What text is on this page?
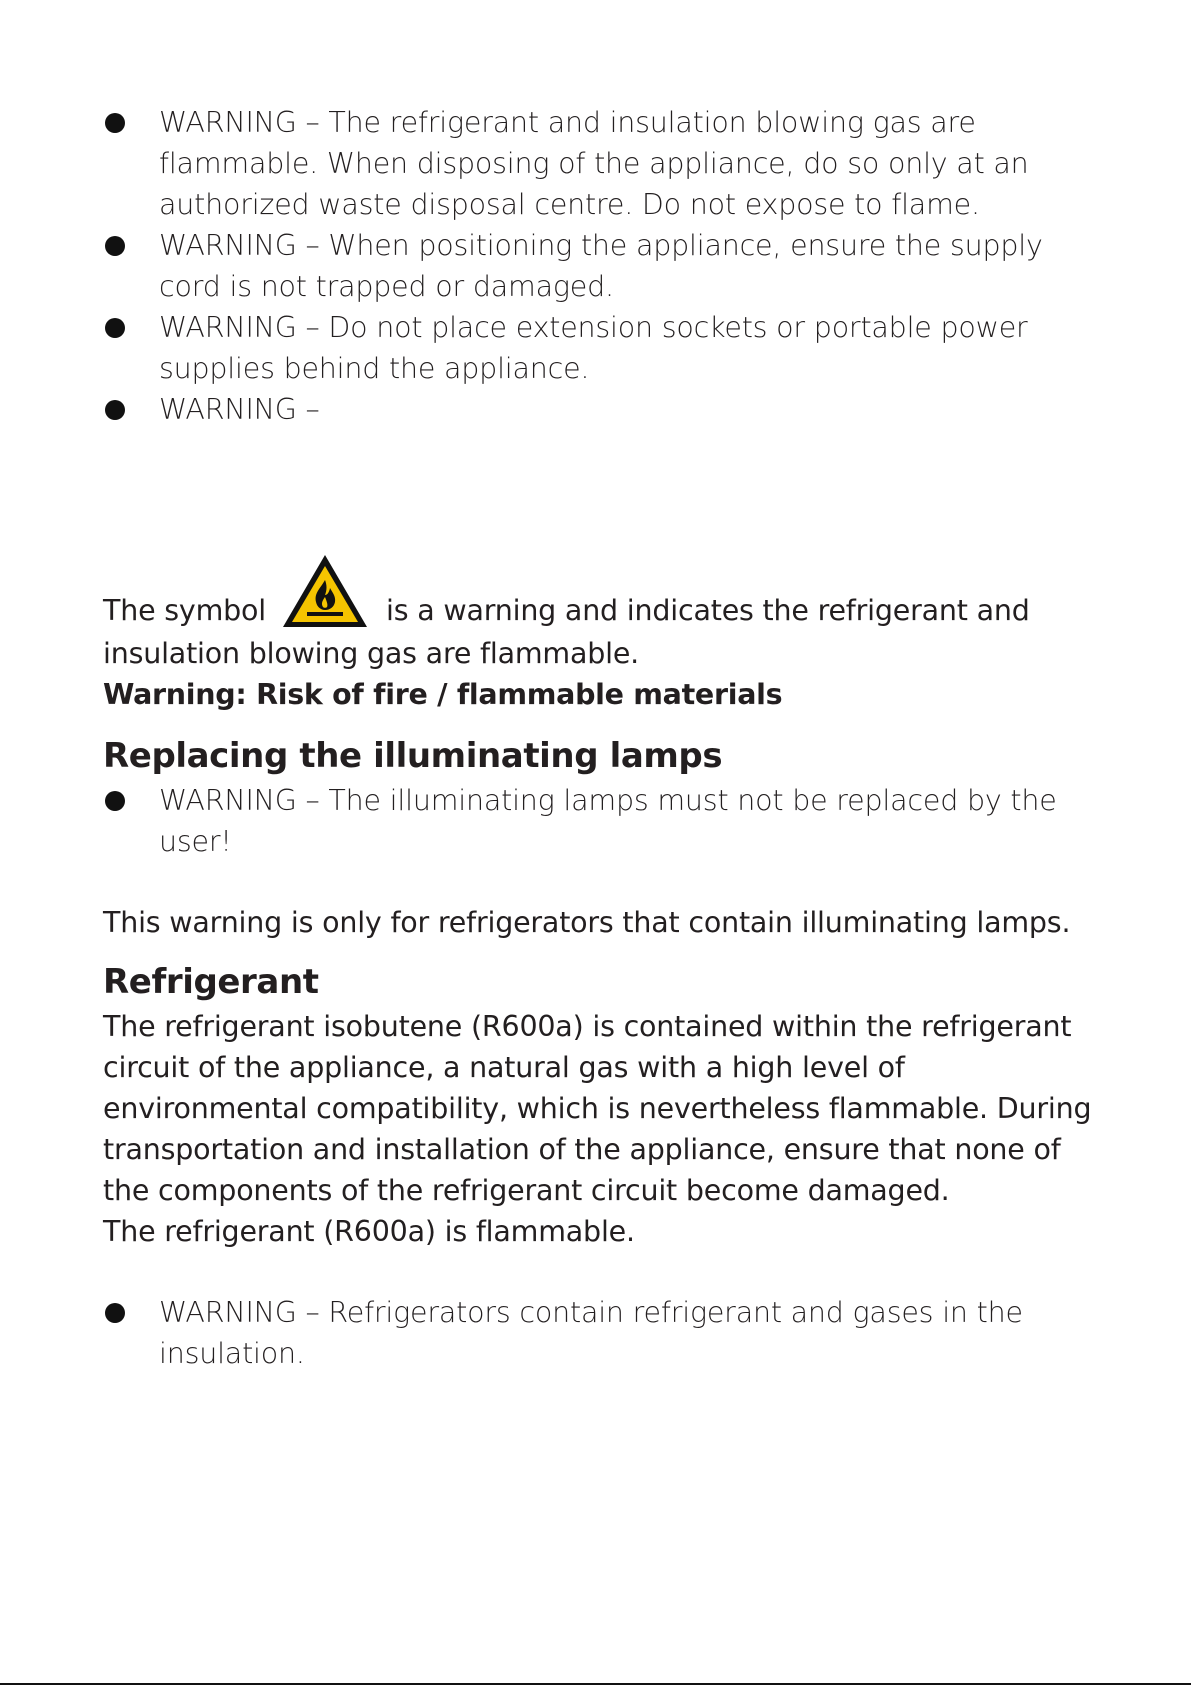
WARNING – The refrigerant and insulation blowing gas are flammable. When disposing of the appliance, do so only at an authorized waste disposal centre. Do not expose to flame.
WARNING – When positioning the appliance, ensure the supply cord is not trapped or damaged.
WARNING – Do not place extension sockets or portable power supplies behind the appliance.
WARNING –
The symbol	is a warning and indicates the refrigerant and

insulation blowing gas are flammable.

Warning: Risk of fire / flammable materials

Replacing the illuminating lamps
WARNING – The illuminating lamps must not be replaced by the user!

This warning is only for refrigerators that contain illuminating lamps.

Refrigerant

The refrigerant isobutene (R600a) is contained within the refrigerant circuit of the appliance, a natural gas with a high level of environmental compatibility, which is nevertheless flammable. During transportation and installation of the appliance, ensure that none of the components of the refrigerant circuit become damaged.

The refrigerant (R600a) is flammable.

WARNING – Refrigerators contain refrigerant and gases in the insulation.
